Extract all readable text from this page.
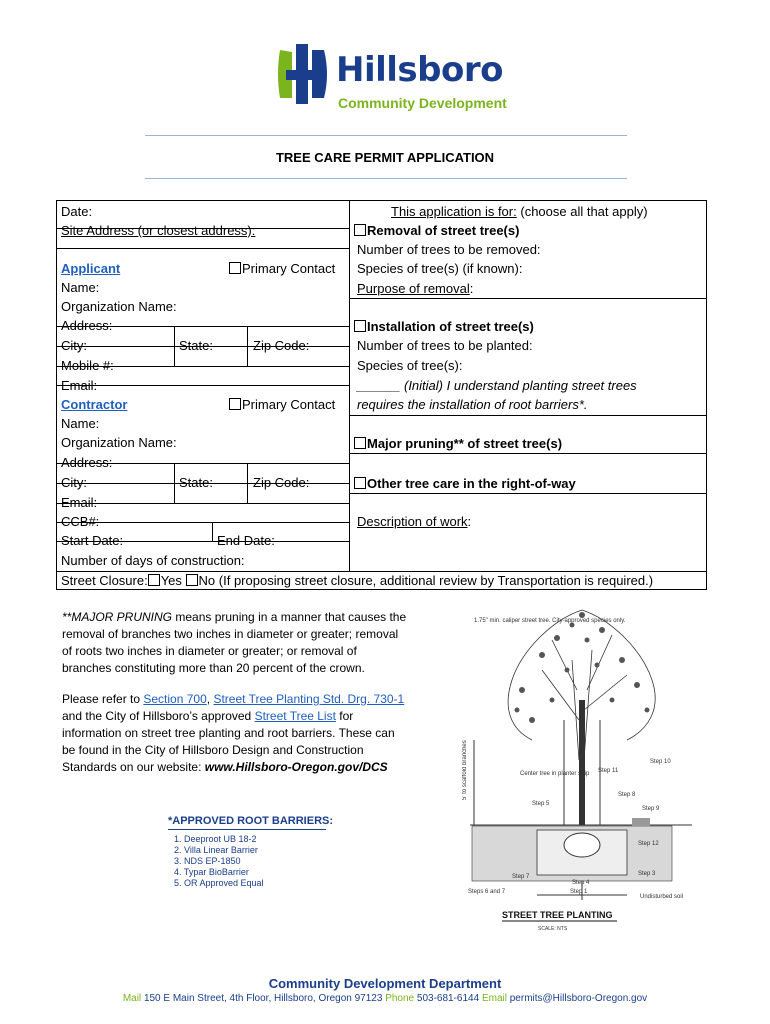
Hillsboro
Community Development
TREE CARE PERMIT APPLICATION
Date:
Site Address (or closest address):
Applicant	Primary Contact
Name:
Organization Name:
Address:
City:	State:	Zip Code:
Mobile #:
Email:
Contractor	Primary Contact
Name:
Organization Name:
Address:
City:	State:	Zip Code:
Email:
CCB#:
Start Date:	End Date:
Number of days of construction:
This application is for: (choose all that apply)
Removal of street tree(s)
Number of trees to be removed:
Species of tree(s) (if known):
Purpose of removal:
Installation of street tree(s)
Number of trees to be planted:
Species of tree(s):
______ (Initial) I understand planting street trees
requires the installation of root barriers*.
Major pruning** of street tree(s)
Other tree care in the right-of-way
Description of work:
Street Closure: Yes No (If proposing street closure, additional review by Transportation is required.)
**MAJOR PRUNING means pruning in a manner that causes the
removal of branches two inches in diameter or greater; removal
of roots two inches in diameter or greater; or removal of
branches constituting more than 20 percent of the crown.
Please refer to Section 700, Street Tree Planting Std. Drg. 730-1
and the City of Hillsboro’s approved Street Tree List for
information on street tree planting and root barriers. These can
be found in the City of Hillsboro Design and Construction
Standards on our website: www.Hillsboro-Oregon.gov/DCS
*APPROVED ROOT BARRIERS:
1. Deeproot UB 18-2
2. Villa Linear Barrier
3. NDS EP-1850
4. Typar BioBarrier
5. OR Approved Equal
1.75" min. caliper street tree. City-approved species only.
5' to scaffold branches	Center tree in planter strip
Step 10
Step 11
Step 8
Step 9
Step 5
Step 12
Step 3
Step 7
Step 4
Steps 6 and 7	Step 1
Undisturbed soil
STREET TREE PLANTING
SCALE: NTS
Community Development Department
Mail 150 E Main Street, 4th Floor, Hillsboro, Oregon 97123 Phone 503-681-6144 Email permits@Hillsboro-Oregon.gov
